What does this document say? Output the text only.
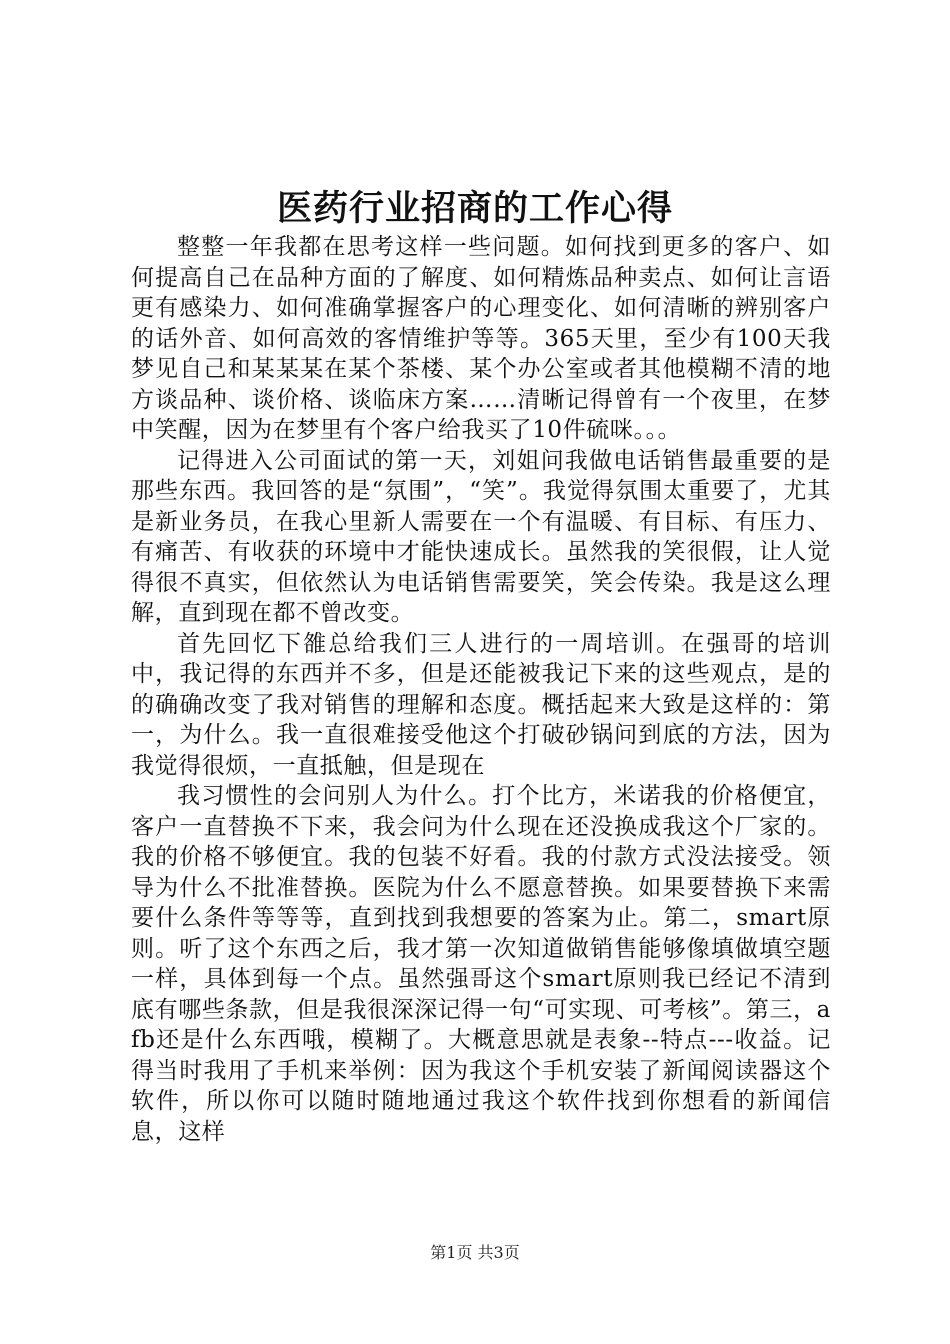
医药行业招商的工作心得

整整一年我都在思考这样一些问题。如何找到更多的客户、如何提高自己在品种方面的了解度、如何精炼品种卖点、如何让言语更有感染力、如何准确掌握客户的心理变化、如何清晰的辨别客户的话外音、如何高效的客情维护等等。365天里，至少有100天我梦见自己和某某某在某个茶楼、某个办公室或者其他模糊不清的地方谈品种、谈价格、谈临床方案……清晰记得曾有一个夜里，在梦中笑醒，因为在梦里有个客户给我买了10件硫咪。。。

记得进入公司面试的第一天，刘姐问我做电话销售最重要的是那些东西。我回答的是“氛围”，“笑”。我觉得氛围太重要了，尤其是新业务员，在我心里新人需要在一个有温暖、有目标、有压力、有痛苦、有收获的环境中才能快速成长。虽然我的笑很假，让人觉得很不真实，但依然认为电话销售需要笑，笑会传染。我是这么理解，直到现在都不曾改变。

首先回忆下雒总给我们三人进行的一周培训。在强哥的培训中，我记得的东西并不多，但是还能被我记下来的这些观点，是的的确确改变了我对销售的理解和态度。概括起来大致是这样的：第一，为什么。我一直很难接受他这个打破砂锅问到底的方法，因为我觉得很烦，一直抵触，但是现在

我习惯性的会问别人为什么。打个比方，米诺我的价格便宜，客户一直替换不下来，我会问为什么现在还没换成我这个厂家的。我的价格不够便宜。我的包装不好看。我的付款方式没法接受。领导为什么不批准替换。医院为什么不愿意替换。如果要替换下来需要什么条件等等等，直到找到我想要的答案为止。第二，smart原则。听了这个东西之后，我才第一次知道做销售能够像填做填空题一样，具体到每一个点。虽然强哥这个smart原则我已经记不清到底有哪些条款，但是我很深深记得一句“可实现、可考核”。第三，afb还是什么东西哦，模糊了。大概意思就是表象--特点---收益。记得当时我用了手机来举例：因为我这个手机安装了新闻阅读器这个软件，所以你可以随时随地通过我这个软件找到你想看的新闻信息，这样

第1页 共3页
